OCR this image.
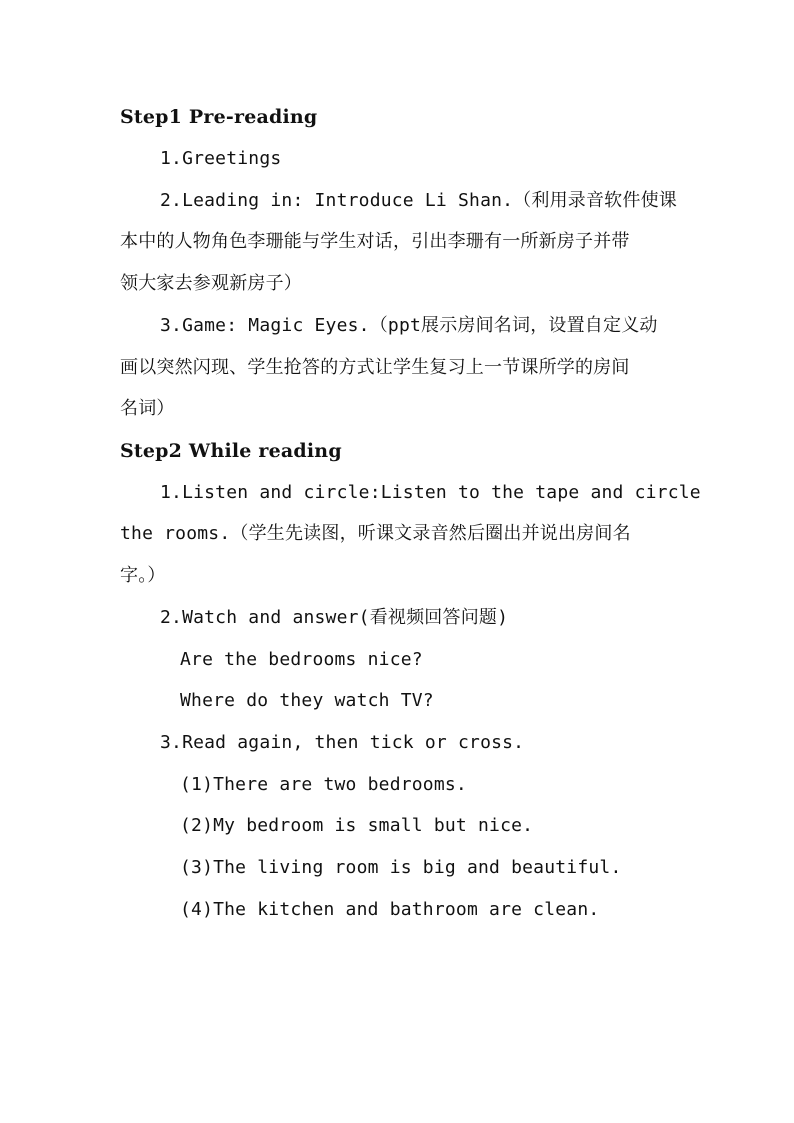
Step1 Pre-reading
1.Greetings
2.Leading in: Introduce Li Shan.（利用录音软件使课
本中的人物角色李珊能与学生对话，引出李珊有一所新房子并带
领大家去参观新房子）
3.Game: Magic Eyes.（ppt展示房间名词，设置自定义动
画以突然闪现、学生抢答的方式让学生复习上一节课所学的房间
名词）
Step2 While reading
1.Listen and circle:Listen to the tape and circle
the rooms.（学生先读图，听课文录音然后圈出并说出房间名
字。）
2.Watch and answer(看视频回答问题)
Are the bedrooms nice?
Where do they watch TV?
3.Read again, then tick or cross.
(1)There are two bedrooms.
(2)My bedroom is small but nice.
(3)The living room is big and beautiful.
(4)The kitchen and bathroom are clean.
